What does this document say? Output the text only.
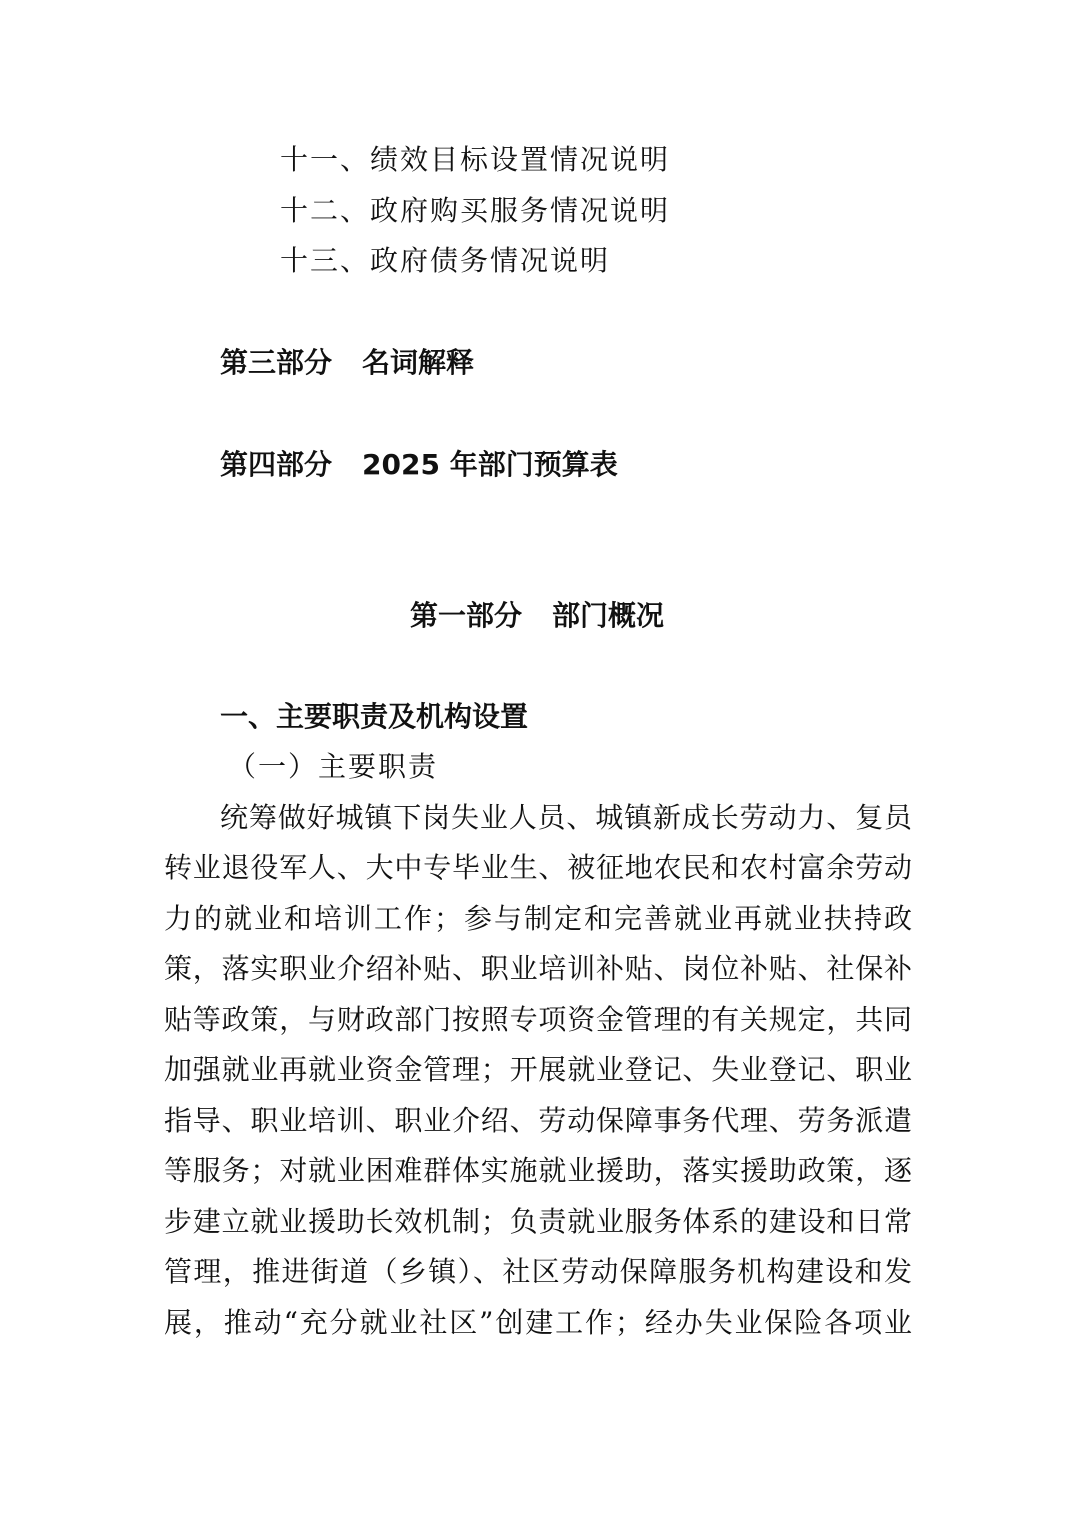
十一、绩效目标设置情况说明
十二、政府购买服务情况说明
十三、政府债务情况说明
第三部分 名词解释
第四部分 2025 年部门预算表
第一部分 部门概况
一、主要职责及机构设置
（一）主要职责
统筹做好城镇下岗失业人员、城镇新成长劳动力、复员
转业退役军人、大中专毕业生、被征地农民和农村富余劳动
力的就业和培训工作；参与制定和完善就业再就业扶持政
策，落实职业介绍补贴、职业培训补贴、岗位补贴、社保补
贴等政策，与财政部门按照专项资金管理的有关规定，共同
加强就业再就业资金管理；开展就业登记、失业登记、职业
指导、职业培训、职业介绍、劳动保障事务代理、劳务派遣
等服务；对就业困难群体实施就业援助，落实援助政策，逐
步建立就业援助长效机制；负责就业服务体系的建设和日常
管理，推进街道（乡镇）、社区劳动保障服务机构建设和发
展，推动“充分就业社区”创建工作；经办失业保险各项业
